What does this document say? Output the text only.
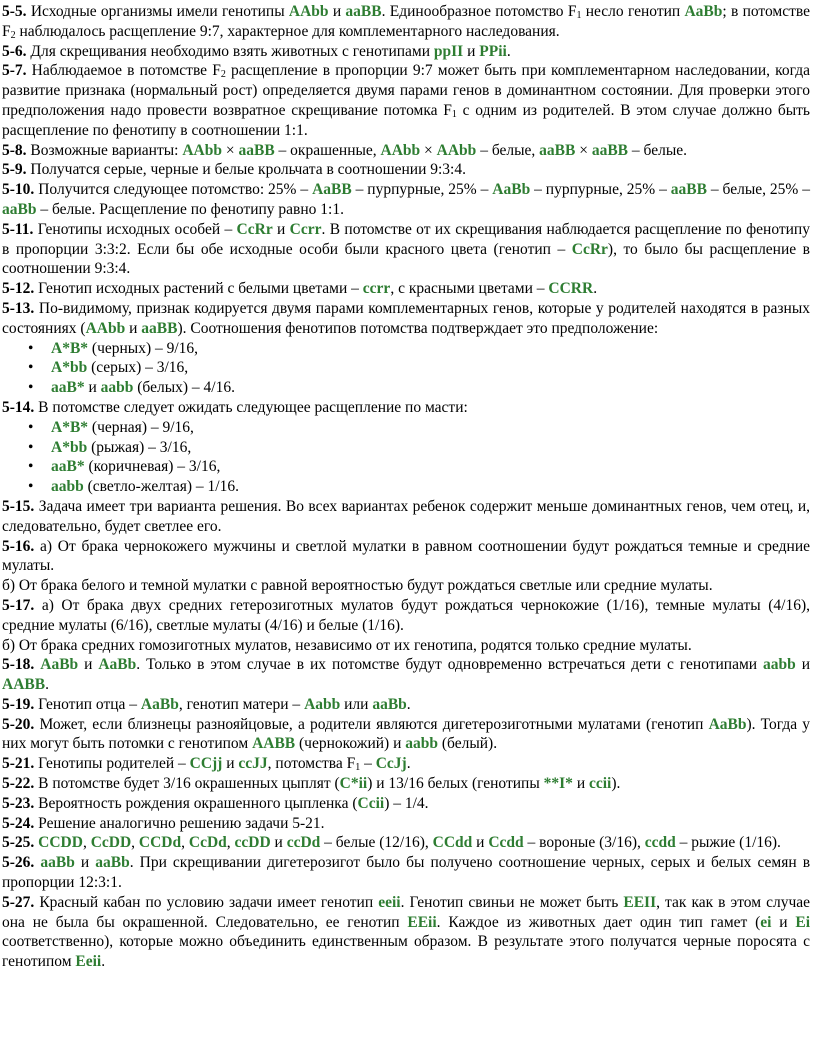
5-5. Исходные организмы имели генотипы AAbb и aaBB. Единообразное потомство $F_1$ несло генотип AaBb; в потомстве $F_2$ наблюдалось расщепление 9:7, характерное для комплементарного наследования.

5-6. Для скрещивания необходимо взять животных с генотипами ppII и PPii.

5-7. Наблюдаемое в потомстве $F_2$ расщепление в пропорции 9:7 может быть при комплементарном наследовании, когда развитие признака (нормальный рост) определяется двумя парами генов в доминантном состоянии. Для проверки этого предположения надо провести возвратное скрещивание потомка $F_1$ с одним из родителей. В этом случае должно быть расщепление по фенотипу в соотношении 1:1.

5-8. Возможные варианты: AAbb × aaBB – окрашенные, AAbb × AAbb – белые, aaBB × aaBB – белые.

5-9. Получатся серые, черные и белые крольчата в соотношении 9:3:4.

5-10. Получится следующее потомство: 25% – AaBB – пурпурные, 25% – AaBb – пурпурные, 25% – aaBB – белые, 25% – aaBb – белые. Расщепление по фенотипу равно 1:1.

5-11. Генотипы исходных особей – CcRr и Ccrr. В потомстве от их скрещивания наблюдается расщепление по фенотипу в пропорции 3:3:2. Если бы обе исходные особи были красного цвета (генотип – CcRr), то было бы расщепление в соотношении 9:3:4.

5-12. Генотип исходных растений с белыми цветами – ccrr, с красными цветами – CCRR.

5-13. По-видимому, признак кодируется двумя парами комплементарных генов, которые у родителей находятся в разных состояниях (AAbb и aaBB). Соотношения фенотипов потомства подтверждает это предположение:

• A*B* (черных) – 9/16,
• A*bb (серых) – 3/16,
• aaB* и aabb (белых) – 4/16.

5-14. В потомстве следует ожидать следующее расщепление по масти:

• A*B* (черная) – 9/16,
• A*bb (рыжая) – 3/16,
• aaB* (коричневая) – 3/16,
• aabb (светло-желтая) – 1/16.

5-15. Задача имеет три варианта решения. Во всех вариантах ребенок содержит меньше доминантных генов, чем отец, и, следовательно, будет светлее его.

5-16. а) От брака чернокожего мужчины и светлой мулатки в равном соотношении будут рождаться темные и средние мулаты.

б) От брака белого и темной мулатки с равной вероятностью будут рождаться светлые или средние мулаты.

5-17. а) От брака двух средних гетерозиготных мулатов будут рождаться чернокожие (1/16), темные мулаты (4/16), средние мулаты (6/16), светлые мулаты (4/16) и белые (1/16).

б) От брака средних гомозиготных мулатов, независимо от их генотипа, родятся только средние мулаты.

5-18. AaBb и AaBb. Только в этом случае в их потомстве будут одновременно встречаться дети с генотипами aabb и AABB.

5-19. Генотип отца – AaBb, генотип матери – Aabb или aaBb.

5-20. Может, если близнецы разнояйцовые, а родители являются дигетерозиготными мулатами (генотип AaBb). Тогда у них могут быть потомки с генотипом AABB (чернокожий) и aabb (белый).

5-21. Генотипы родителей – CCjj и ccJJ, потомства $F_1$ – CcJj.

5-22. В потомстве будет 3/16 окрашенных цыплят (C*ii) и 13/16 белых (генотипы **I* и ccii).

5-23. Вероятность рождения окрашенного цыпленка (Ccii) – 1/4.

5-24. Решение аналогично решению задачи 5-21.

5-25. CCDD, CcDD, CCDd, CcDd, ccDD и ccDd – белые (12/16), CCdd и Ccdd – вороные (3/16), ccdd – рыжие (1/16).

5-26. aaBb и aaBb. При скрещивании дигетерозигот было бы получено соотношение черных, серых и белых семян в пропорции 12:3:1.

5-27. Красный кабан по условию задачи имеет генотип eeii. Генотип свиньи не может быть EEII, так как в этом случае она не была бы окрашенной. Следовательно, ее генотип EEii. Каждое из животных дает один тип гамет (ei и Ei соответственно), которые можно объединить единственным образом. В результате этого получатся черные поросята с генотипом Eeii.
